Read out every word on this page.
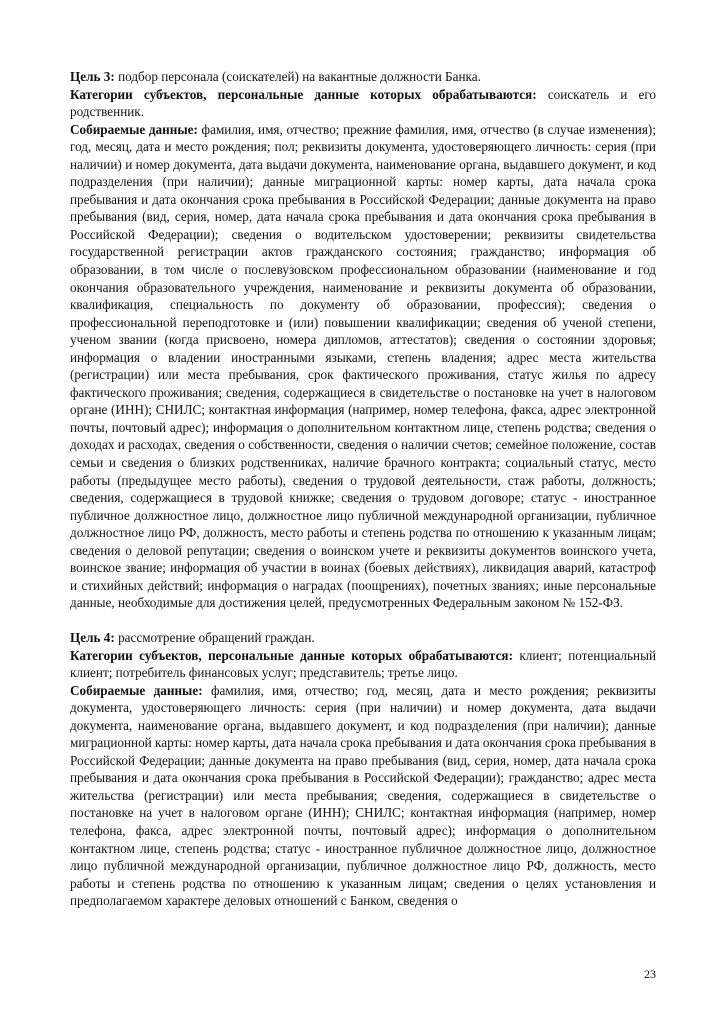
Цель 3: подбор персонала (соискателей) на вакантные должности Банка.

Категории субъектов, персональные данные которых обрабатываются: соискатель и его родственник.

Собираемые данные: фамилия, имя, отчество; прежние фамилия, имя, отчество (в случае изменения); год, месяц, дата и место рождения; пол; реквизиты документа, удостоверяющего личность: серия (при наличии) и номер документа, дата выдачи документа, наименование органа, выдавшего документ, и код подразделения (при наличии); данные миграционной карты: номер карты, дата начала срока пребывания и дата окончания срока пребывания в Российской Федерации; данные документа на право пребывания (вид, серия, номер, дата начала срока пребывания и дата окончания срока пребывания в Российской Федерации); сведения о водительском удостоверении; реквизиты свидетельства государственной регистрации актов гражданского состояния; гражданство; информация об образовании, в том числе о послевузовском профессиональном образовании (наименование и год окончания образовательного учреждения, наименование и реквизиты документа об образовании, квалификация, специальность по документу об образовании, профессия); сведения о профессиональной переподготовке и (или) повышении квалификации; сведения об ученой степени, ученом звании (когда присвоено, номера дипломов, аттестатов); сведения о состоянии здоровья; информация о владении иностранными языками, степень владения; адрес места жительства (регистрации) или места пребывания, срок фактического проживания, статус жилья по адресу фактического проживания; сведения, содержащиеся в свидетельстве о постановке на учет в налоговом органе (ИНН); СНИЛС; контактная информация (например, номер телефона, факса, адрес электронной почты, почтовый адрес); информация о дополнительном контактном лице, степень родства; сведения о доходах и расходах, сведения о собственности, сведения о наличии счетов; семейное положение, состав семьи и сведения о близких родственниках, наличие брачного контракта; социальный статус, место работы (предыдущее место работы), сведения о трудовой деятельности, стаж работы, должность; сведения, содержащиеся в трудовой книжке; сведения о трудовом договоре; статус - иностранное публичное должностное лицо, должностное лицо публичной международной организации, публичное должностное лицо РФ, должность, место работы и степень родства по отношению к указанным лицам; сведения о деловой репутации; сведения о воинском учете и реквизиты документов воинского учета, воинское звание; информация об участии в воинах (боевых действиях), ликвидация аварий, катастроф и стихийных действий; информация о наградах (поощрениях), почетных званиях; иные персональные данные, необходимые для достижения целей, предусмотренных Федеральным законом № 152-ФЗ.

Цель 4: рассмотрение обращений граждан.

Категории субъектов, персональные данные которых обрабатываются: клиент; потенциальный клиент; потребитель финансовых услуг; представитель; третье лицо.

Собираемые данные: фамилия, имя, отчество; год, месяц, дата и место рождения; реквизиты документа, удостоверяющего личность: серия (при наличии) и номер документа, дата выдачи документа, наименование органа, выдавшего документ, и код подразделения (при наличии); данные миграционной карты: номер карты, дата начала срока пребывания и дата окончания срока пребывания в Российской Федерации; данные документа на право пребывания (вид, серия, номер, дата начала срока пребывания и дата окончания срока пребывания в Российской Федерации); гражданство; адрес места жительства (регистрации) или места пребывания; сведения, содержащиеся в свидетельстве о постановке на учет в налоговом органе (ИНН); СНИЛС; контактная информация (например, номер телефона, факса, адрес электронной почты, почтовый адрес); информация о дополнительном контактном лице, степень родства; статус - иностранное публичное должностное лицо, должностное лицо публичной международной организации, публичное должностное лицо РФ, должность, место работы и степень родства по отношению к указанным лицам; сведения о целях установления и предполагаемом характере деловых отношений с Банком, сведения о

23
